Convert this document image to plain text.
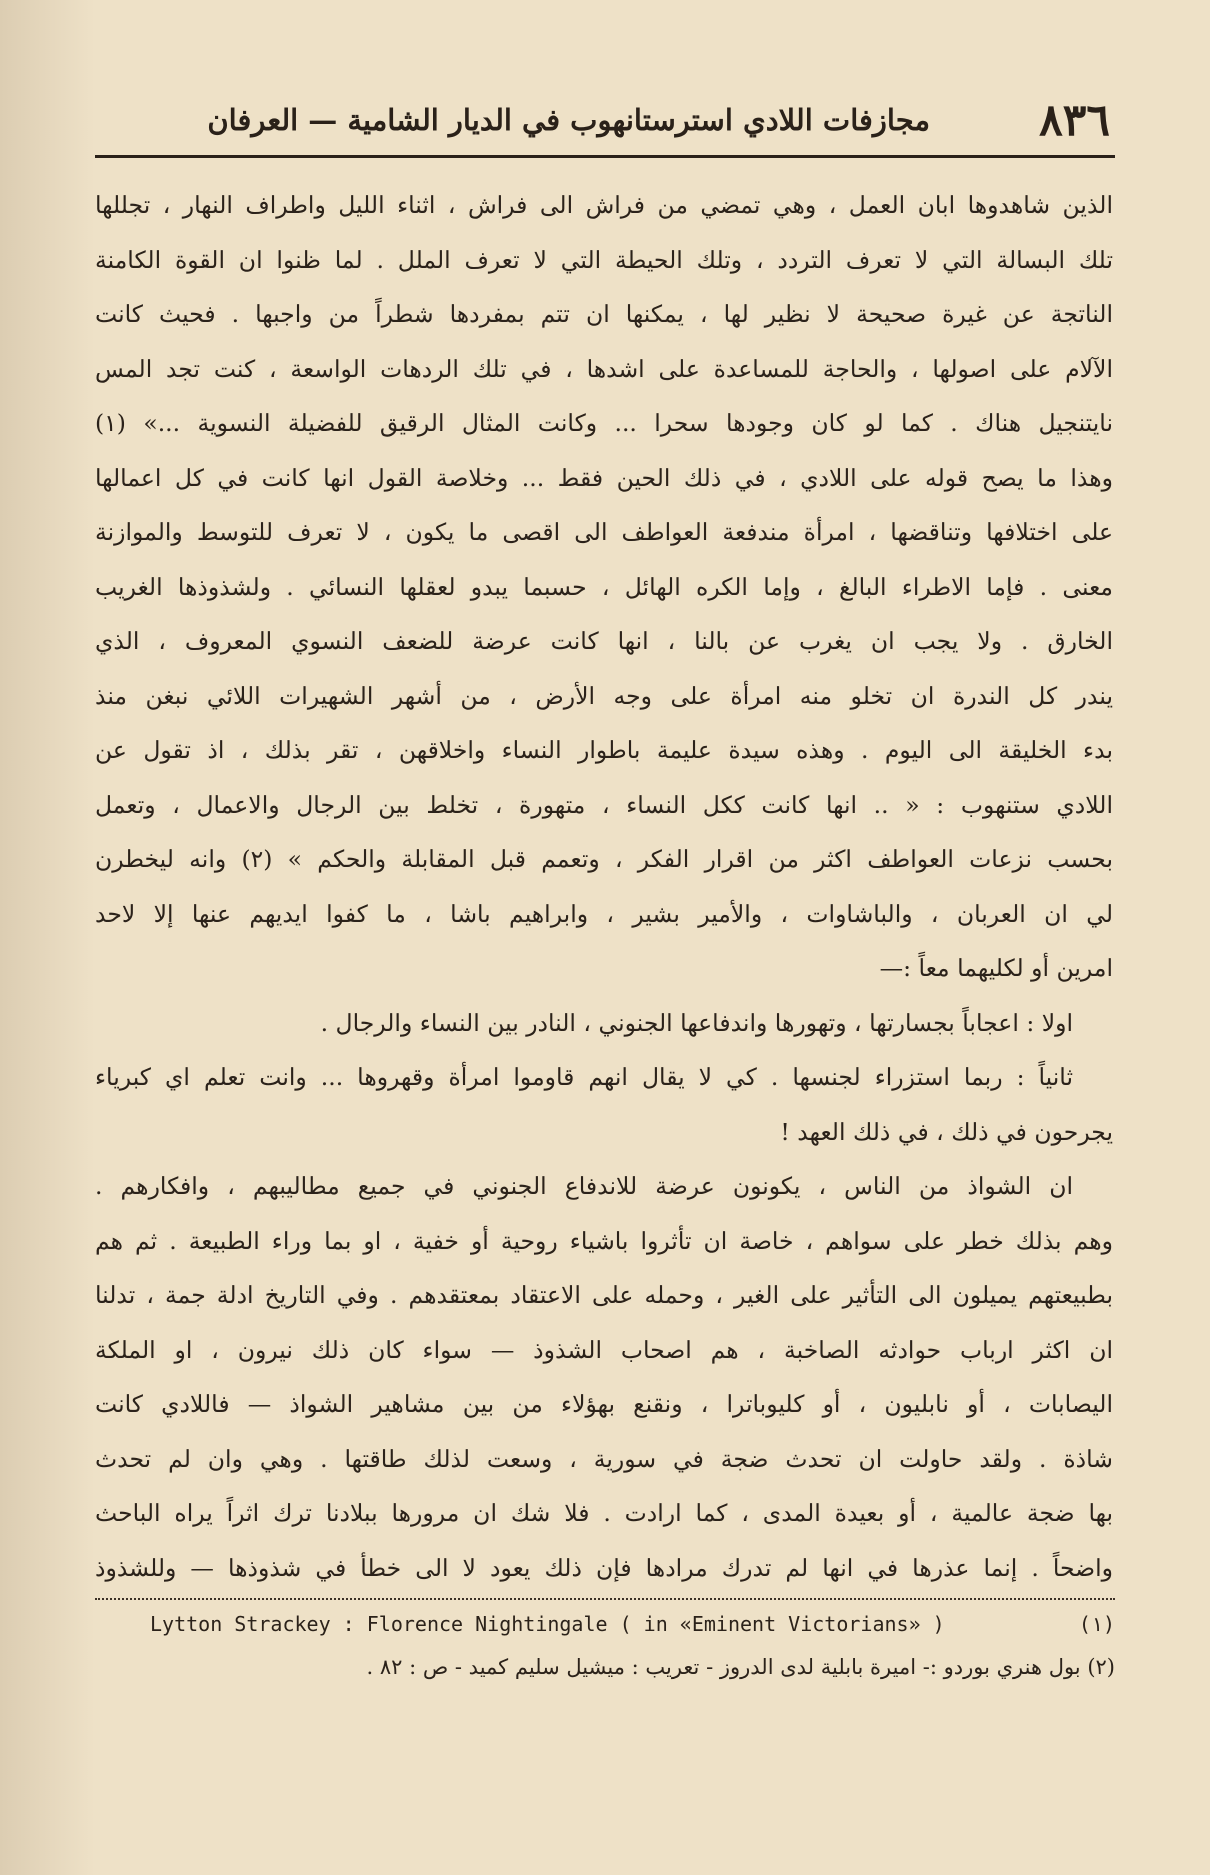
٨٣٦
مجازفات اللادي استرستانهوب في الديار الشامية — العرفان
الذين شاهدوها ابان العمل ، وهي تمضي من فراش الى فراش ، اثناء الليل واطراف النهار ، تجللها
تلك البسالة التي لا تعرف التردد ، وتلك الحيطة التي لا تعرف الملل . لما ظنوا ان القوة الكامنة
الناتجة عن غيرة صحيحة لا نظير لها ، يمكنها ان تتم بمفردها شطراً من واجبها . فحيث كانت
الآلام على اصولها ، والحاجة للمساعدة على اشدها ، في تلك الردهات الواسعة ، كنت تجد المس
نايتنجيل هناك . كما لو كان وجودها سحرا ... وكانت المثال الرقيق للفضيلة النسوية ...» (١)
وهذا ما يصح قوله على اللادي ، في ذلك الحين فقط ... وخلاصة القول انها كانت في كل اعمالها
على اختلافها وتناقضها ، امرأة مندفعة العواطف الى اقصى ما يكون ، لا تعرف للتوسط والموازنة
معنى . فإما الاطراء البالغ ، وإما الكره الهائل ، حسبما يبدو لعقلها النسائي . ولشذوذها الغريب
الخارق . ولا يجب ان يغرب عن بالنا ، انها كانت عرضة للضعف النسوي المعروف ، الذي
يندر كل الندرة ان تخلو منه امرأة على وجه الأرض ، من أشهر الشهيرات اللائي نبغن منذ
بدء الخليقة الى اليوم . وهذه سيدة عليمة باطوار النساء واخلاقهن ، تقر بذلك ، اذ تقول عن
اللادي ستنهوب : « .. انها كانت ككل النساء ، متهورة ، تخلط بين الرجال والاعمال ، وتعمل
بحسب نزعات العواطف اكثر من اقرار الفكر ، وتعمم قبل المقابلة والحكم » (٢) وانه ليخطرن
لي ان العربان ، والباشاوات ، والأمير بشير ، وابراهيم باشا ، ما كفوا ايديهم عنها إلا لاحد
امرين أو لكليهما معاً :—
اولا : اعجاباً بجسارتها ، وتهورها واندفاعها الجنوني ، النادر بين النساء والرجال .
ثانياً : ربما استزراء لجنسها . كي لا يقال انهم قاوموا امرأة وقهروها ... وانت تعلم اي كبرياء
يجرحون في ذلك ، في ذلك العهد !
ان الشواذ من الناس ، يكونون عرضة للاندفاع الجنوني في جميع مطاليبهم ، وافكارهم .
وهم بذلك خطر على سواهم ، خاصة ان تأثروا باشياء روحية أو خفية ، او بما وراء الطبيعة . ثم هم
بطبيعتهم يميلون الى التأثير على الغير ، وحمله على الاعتقاد بمعتقدهم . وفي التاريخ ادلة جمة ، تدلنا
ان اكثر ارباب حوادثه الصاخبة ، هم اصحاب الشذوذ — سواء كان ذلك نيرون ، او الملكة
اليصابات ، أو نابليون ، أو كليوباترا ، ونقنع بهؤلاء من بين مشاهير الشواذ — فاللادي كانت
شاذة . ولقد حاولت ان تحدث ضجة في سورية ، وسعت لذلك طاقتها . وهي وان لم تحدث
بها ضجة عالمية ، أو بعيدة المدى ، كما ارادت . فلا شك ان مرورها ببلادنا ترك اثراً يراه الباحث
واضحاً . إنما عذرها في انها لم تدرك مرادها فإن ذلك يعود لا الى خطأ في شذوذها — وللشذوذ
Lytton Strackey : Florence Nightingale ( in «Eminent Victorians» )	(١)
(٢) بول هنري بوردو :- اميرة بابلية لدى الدروز - تعريب : ميشيل سليم كميد - ص : ٨٢ .
